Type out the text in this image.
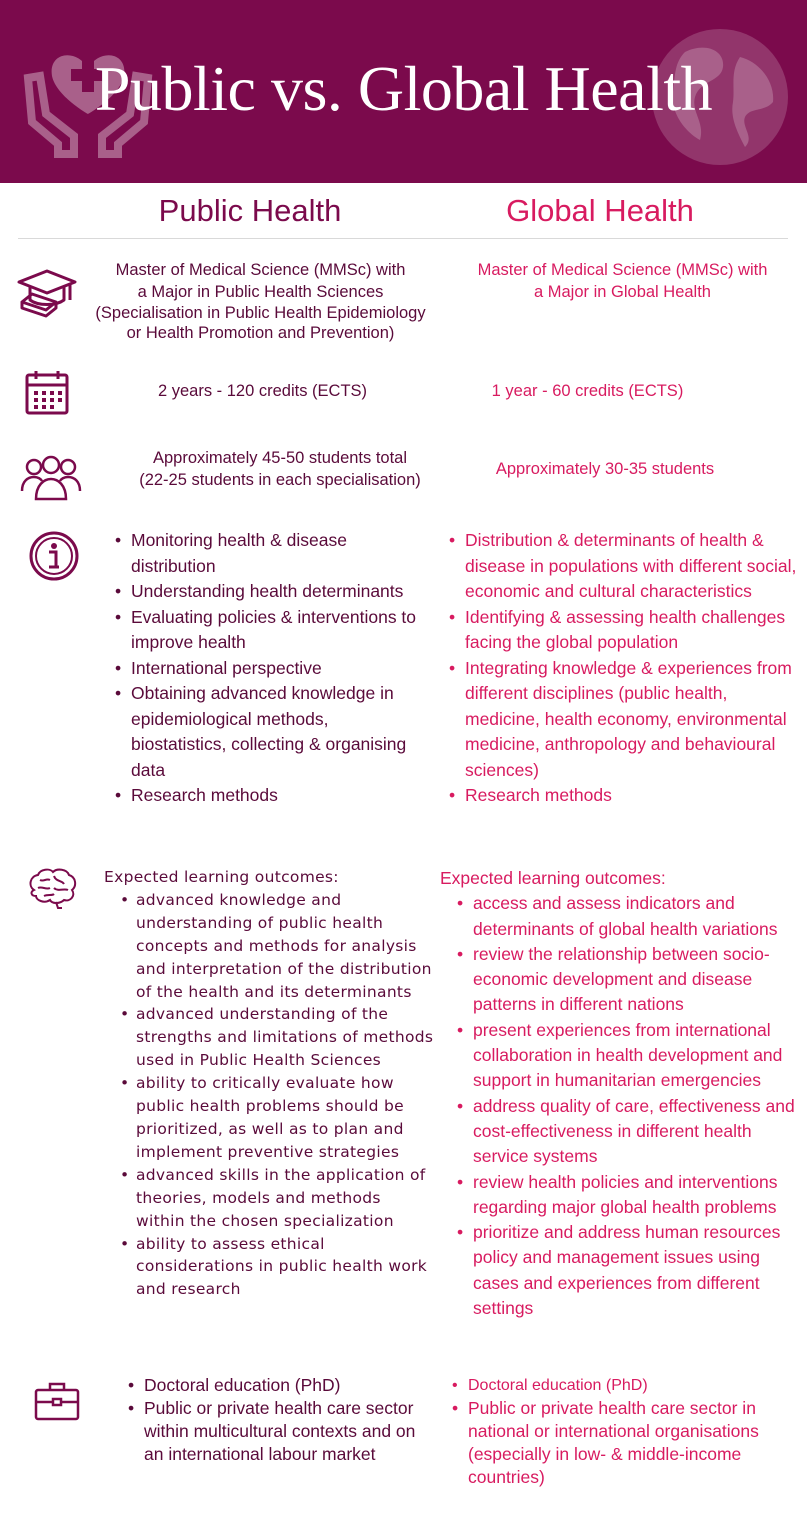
Public vs. Global Health
Public Health	Global Health
Master of Medical Science (MMSc) with
a Major in Public Health Sciences
(Specialisation in Public Health Epidemiology
or Health Promotion and Prevention)
Master of Medical Science (MMSc) with
a Major in Global Health
2 years - 120 credits (ECTS)	1 year - 60 credits (ECTS)
Approximately 45-50 students total
(22-25 students in each specialisation)
Approximately 30-35 students
• Monitoring health & disease distribution
• Understanding health determinants
• Evaluating policies & interventions to improve health
• International perspective
• Obtaining advanced knowledge in epidemiological methods, biostatistics, collecting & organising data
• Research methods
• Distribution & determinants of health & disease in populations with different social, economic and cultural characteristics
• Identifying & assessing health challenges facing the global population
• Integrating knowledge & experiences from different disciplines (public health, medicine, health economy, environmental medicine, anthropology and behavioural sciences)
• Research methods
Expected learning outcomes:
• advanced knowledge and understanding of public health concepts and methods for analysis and interpretation of the distribution of the health and its determinants
• advanced understanding of the strengths and limitations of methods used in Public Health Sciences
• ability to critically evaluate how public health problems should be prioritized, as well as to plan and implement preventive strategies
• advanced skills in the application of theories, models and methods within the chosen specialization
• ability to assess ethical considerations in public health work and research
Expected learning outcomes:
• access and assess indicators and determinants of global health variations
• review the relationship between socio-economic development and disease patterns in different nations
• present experiences from international collaboration in health development and support in humanitarian emergencies
• address quality of care, effectiveness and cost-effectiveness in different health service systems
• review health policies and interventions regarding major global health problems
• prioritize and address human resources policy and management issues using cases and experiences from different settings
• Doctoral education (PhD)
• Public or private health care sector within multicultural contexts and on an international labour market
• Doctoral education (PhD)
• Public or private health care sector in national or international organisations (especially in low- & middle-income countries)
